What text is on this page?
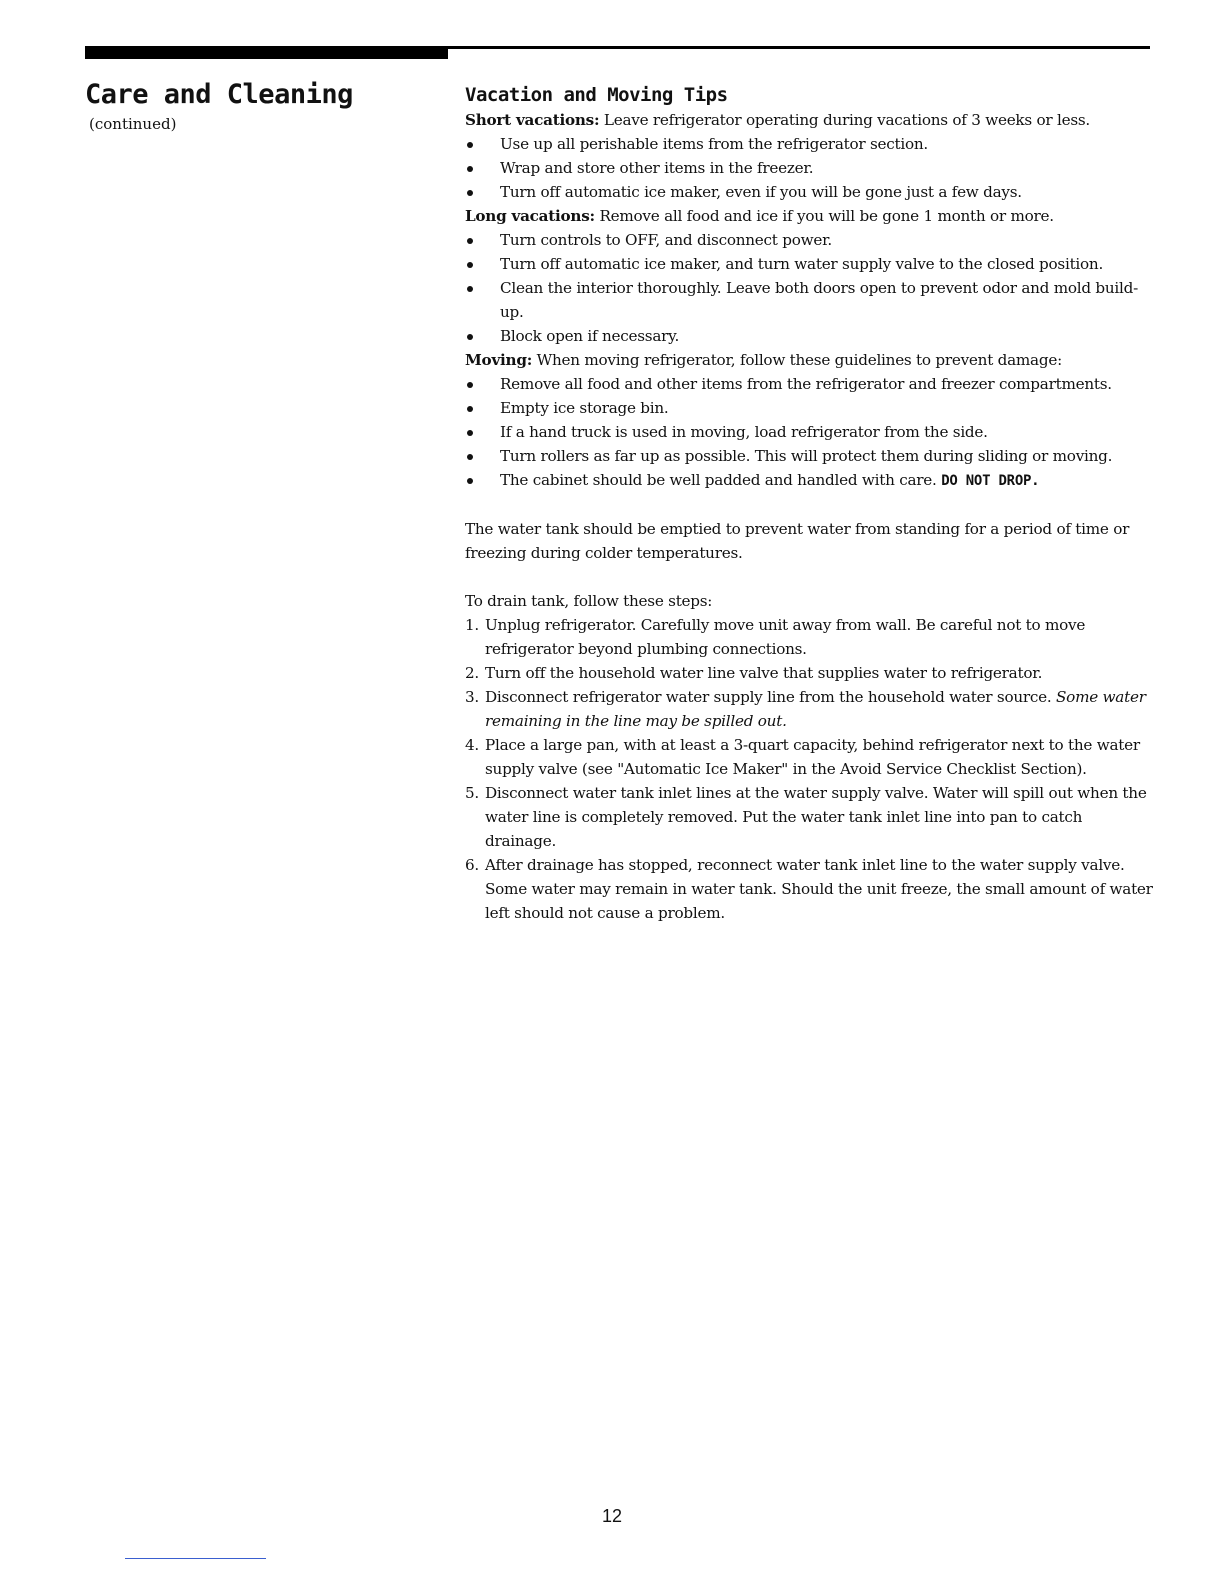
Care and Cleaning
(continued)
Vacation and Moving Tips

Short vacations: Leave refrigerator operating during vacations of 3 weeks or less.

Use up all perishable items from the refrigerator section.
Wrap and store other items in the freezer.
Turn off automatic ice maker, even if you will be gone just a few days.

Long vacations: Remove all food and ice if you will be gone 1 month or more.

Turn controls to OFF, and disconnect power.
Turn off automatic ice maker, and turn water supply valve to the closed position.
Clean the interior thoroughly. Leave both doors open to prevent odor and mold build-up.
Block open if necessary.

Moving: When moving refrigerator, follow these guidelines to prevent damage:

Remove all food and other items from the refrigerator and freezer compartments.
Empty ice storage bin.
If a hand truck is used in moving, load refrigerator from the side.
Turn rollers as far up as possible. This will protect them during sliding or moving.
The cabinet should be well padded and handled with care. DO NOT DROP.

The water tank should be emptied to prevent water from standing for a period of time or freezing during colder temperatures.

To drain tank, follow these steps:

1. Unplug refrigerator. Carefully move unit away from wall. Be careful not to move refrigerator beyond plumbing connections.
2. Turn off the household water line valve that supplies water to refrigerator.
3. Disconnect refrigerator water supply line from the household water source. Some water remaining in the line may be spilled out.
4. Place a large pan, with at least a 3-quart capacity, behind refrigerator next to the water supply valve (see "Automatic Ice Maker" in the Avoid Service Checklist Section).
5. Disconnect water tank inlet lines at the water supply valve. Water will spill out when the water line is completely removed. Put the water tank inlet line into pan to catch drainage.
6. After drainage has stopped, reconnect water tank inlet line to the water supply valve. Some water may remain in water tank. Should the unit freeze, the small amount of water left should not cause a problem.
12
